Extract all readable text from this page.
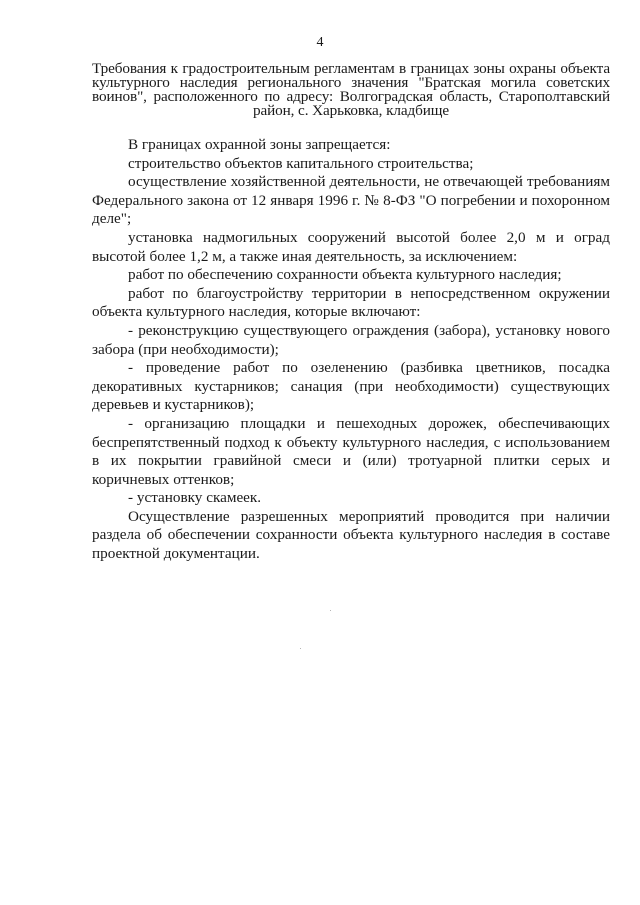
4
Требования к градостроительным регламентам в границах зоны охраны объекта культурного наследия регионального значения "Братская могила советских воинов", расположенного по адресу: Волгоградская область, Старополтавский район, с. Харьковка, кладбище

В границах охранной зоны запрещается:

строительство объектов капитального строительства;

осуществление хозяйственной деятельности, не отвечающей требованиям Федерального закона от 12 января 1996 г. № 8-ФЗ "О погребении и похоронном деле";

установка надмогильных сооружений высотой более 2,0 м и оград высотой более 1,2 м, а также иная деятельность, за исключением:

работ по обеспечению сохранности объекта культурного наследия;

работ по благоустройству территории в непосредственном окружении объекта культурного наследия, которые включают:

- реконструкцию существующего ограждения (забора), установку нового забора (при необходимости);

- проведение работ по озеленению (разбивка цветников, посадка декоративных кустарников; санация (при необходимости) существующих деревьев и кустарников);

- организацию площадки и пешеходных дорожек, обеспечивающих беспрепятственный подход к объекту культурного наследия, с использованием в их покрытии гравийной смеси и (или) тротуарной плитки серых и коричневых оттенков;

- установку скамеек.

Осуществление разрешенных мероприятий проводится при наличии раздела об обеспечении сохранности объекта культурного наследия в составе проектной документации.
